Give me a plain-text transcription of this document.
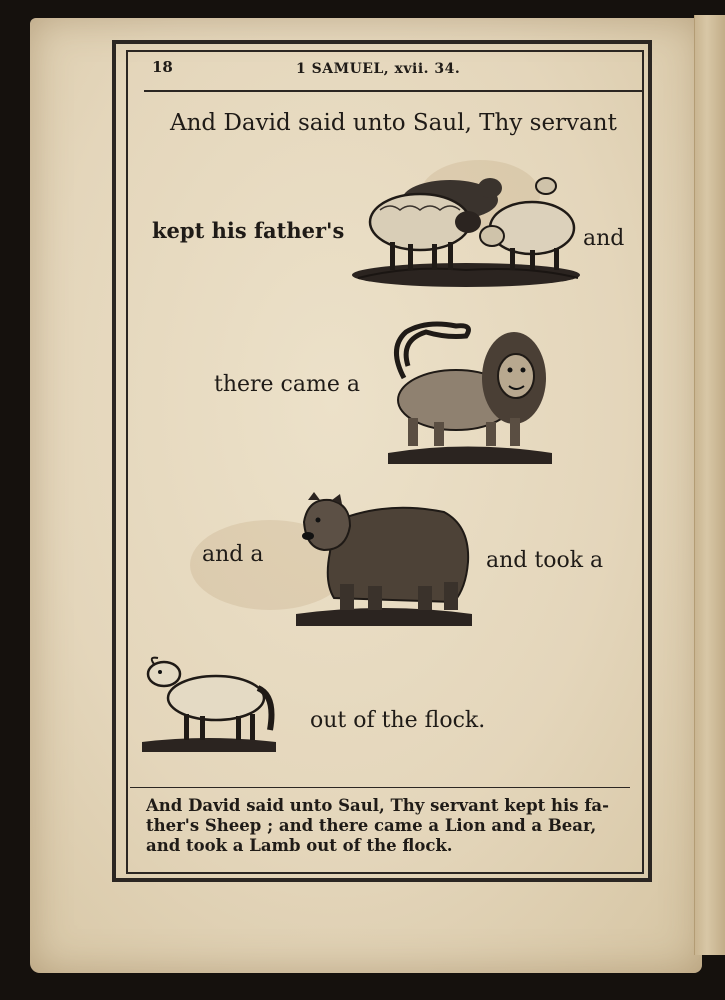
18	1 SAMUEL, xvii. 34.
And David said unto Saul, Thy servant
kept his father's	and
there came a
and a	and took a
out of the flock.
And David said unto Saul, Thy servant kept his fa-ther's Sheep ; and there came a Lion and a Bear, and took a Lamb out of the flock.
